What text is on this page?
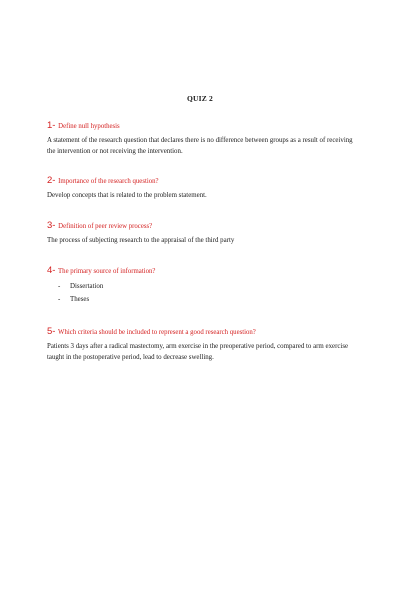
QUIZ 2
1- Define null hypothesis
A statement of the research question that declares there is no difference between groups as a result of receiving the intervention or not receiving the intervention.
2- Importance of the research question?
Develop concepts that is related to the problem statement.
3- Definition of peer review process?
The process of subjecting research to the appraisal of the third party
4- The primary source of information?
- Dissertation
- Theses
5- Which criteria should be included to represent a good research question?
Patients 3 days after a radical mastectomy, arm exercise in the preoperative period, compared to arm exercise taught in the postoperative period, lead to decrease swelling.
